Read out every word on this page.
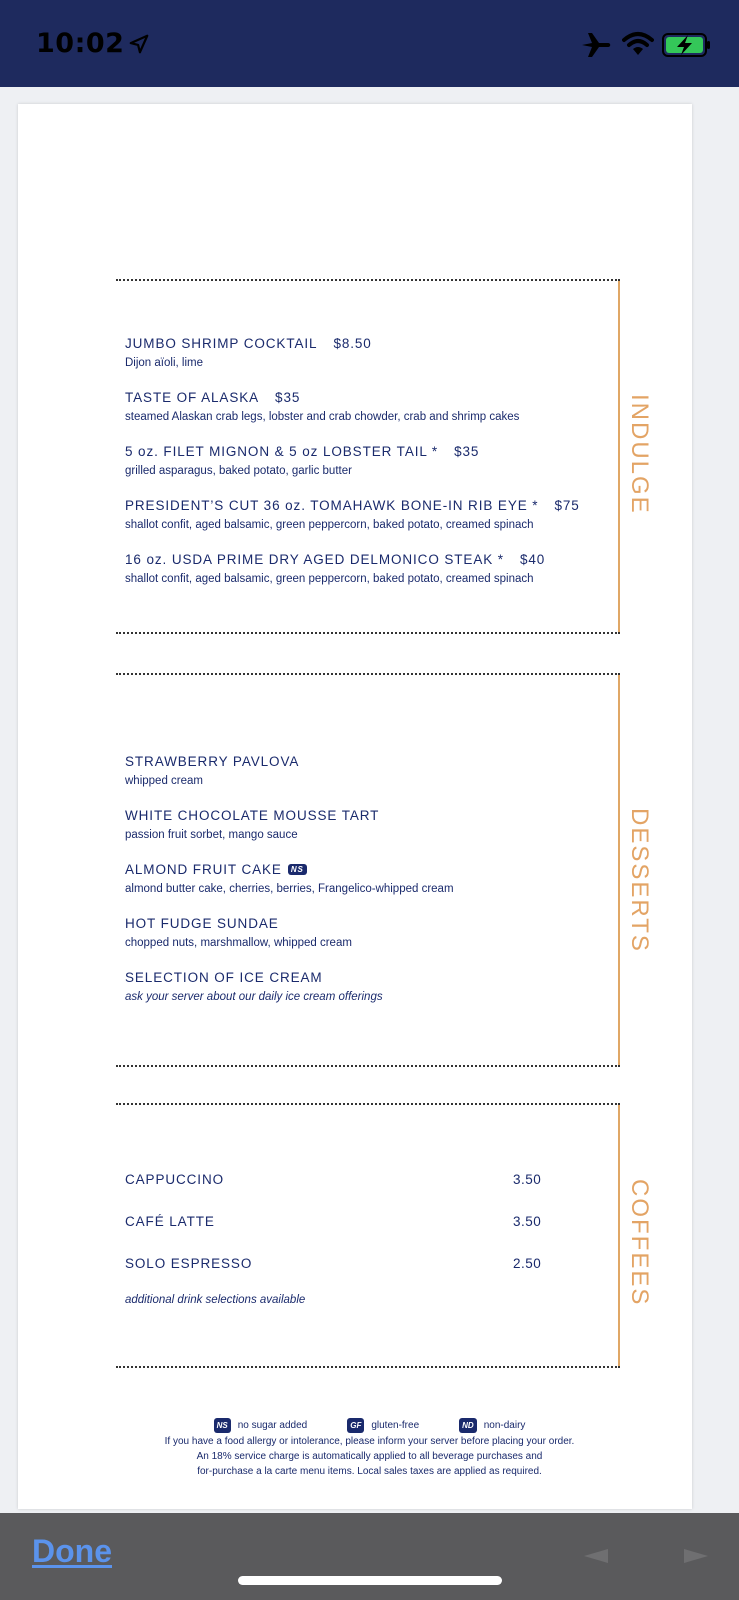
10:02
JUMBO SHRIMP COCKTAIL $8.50
Dijon aïoli, lime
TASTE OF ALASKA $35
steamed Alaskan crab legs, lobster and crab chowder, crab and shrimp cakes
5 oz. FILET MIGNON & 5 oz LOBSTER TAIL * $35
grilled asparagus, baked potato, garlic butter
PRESIDENT’S CUT 36 oz. TOMAHAWK BONE-IN RIB EYE * $75
shallot confit, aged balsamic, green peppercorn, baked potato, creamed spinach
16 oz. USDA PRIME DRY AGED DELMONICO STEAK * $40
shallot confit, aged balsamic, green peppercorn, baked potato, creamed spinach
INDULGE
STRAWBERRY PAVLOVA
whipped cream
WHITE CHOCOLATE MOUSSE TART
passion fruit sorbet, mango sauce
ALMOND FRUIT CAKE NS
almond butter cake, cherries, berries, Frangelico-whipped cream
HOT FUDGE SUNDAE
chopped nuts, marshmallow, whipped cream
SELECTION OF ICE CREAM
ask your server about our daily ice cream offerings
DESSERTS
CAPPUCCINO	3.50
CAFÉ LATTE	3.50
SOLO ESPRESSO	2.50
additional drink selections available	COFFEES
NS	no sugar added	GF	gluten-free	ND	non-dairy
If you have a food allergy or intolerance, please inform your server before placing your order.
An 18% service charge is automatically applied to all beverage purchases and
for-purchase a la carte menu items. Local sales taxes are applied as required.
Done
